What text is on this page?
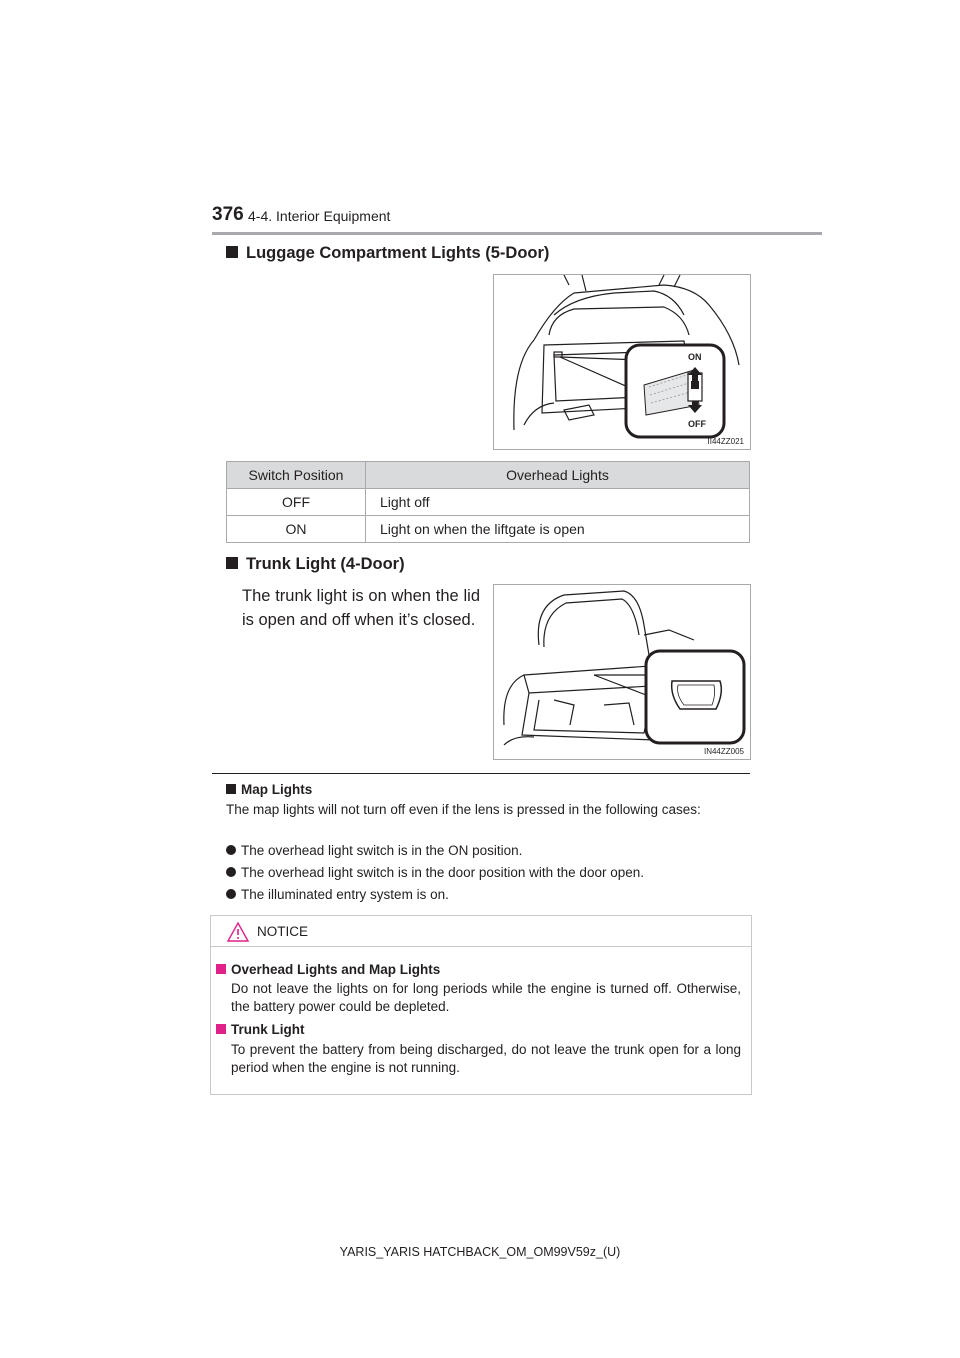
376 4-4. Interior Equipment
Luggage Compartment Lights (5-Door)
ON
OFF
II44ZZ021
Switch Position	Overhead Lights
OFF	Light off
ON	Light on when the liftgate is open
Trunk Light (4-Door)
The trunk light is on when the lid is open and off when it’s closed.
IN44ZZ005
Map Lights
The map lights will not turn off even if the lens is pressed in the following cases:
The overhead light switch is in the ON position.
The overhead light switch is in the door position with the door open.
The illuminated entry system is on.
NOTICE
Overhead Lights and Map Lights
Do not leave the lights on for long periods while the engine is turned off. Otherwise, the battery power could be depleted.
Trunk Light
To prevent the battery from being discharged, do not leave the trunk open for a long period when the engine is not running.
YARIS_YARIS HATCHBACK_OM_OM99V59z_(U)
